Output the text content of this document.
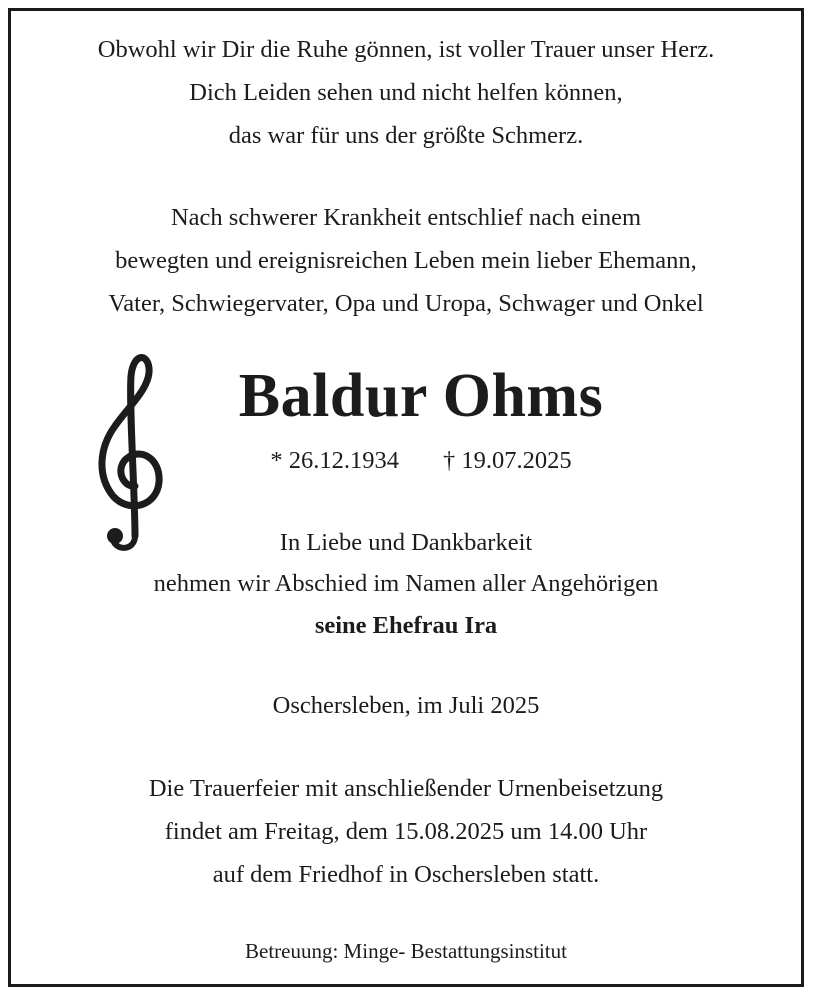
Obwohl wir Dir die Ruhe gönnen, ist voller Trauer unser Herz.
Dich Leiden sehen und nicht helfen können,
das war für uns der größte Schmerz.
Nach schwerer Krankheit entschlief nach einem
bewegten und ereignisreichen Leben mein lieber Ehemann,
Vater, Schwiegervater, Opa und Uropa, Schwager und Onkel
Baldur Ohms
* 26.12.1934 † 19.07.2025
In Liebe und Dankbarkeit
nehmen wir Abschied im Namen aller Angehörigen
seine Ehefrau Ira
Oschersleben, im Juli 2025
Die Trauerfeier mit anschließender Urnenbeisetzung
findet am Freitag, dem 15.08.2025 um 14.00 Uhr
auf dem Friedhof in Oschersleben statt.
Betreuung: Minge- Bestattungsinstitut
